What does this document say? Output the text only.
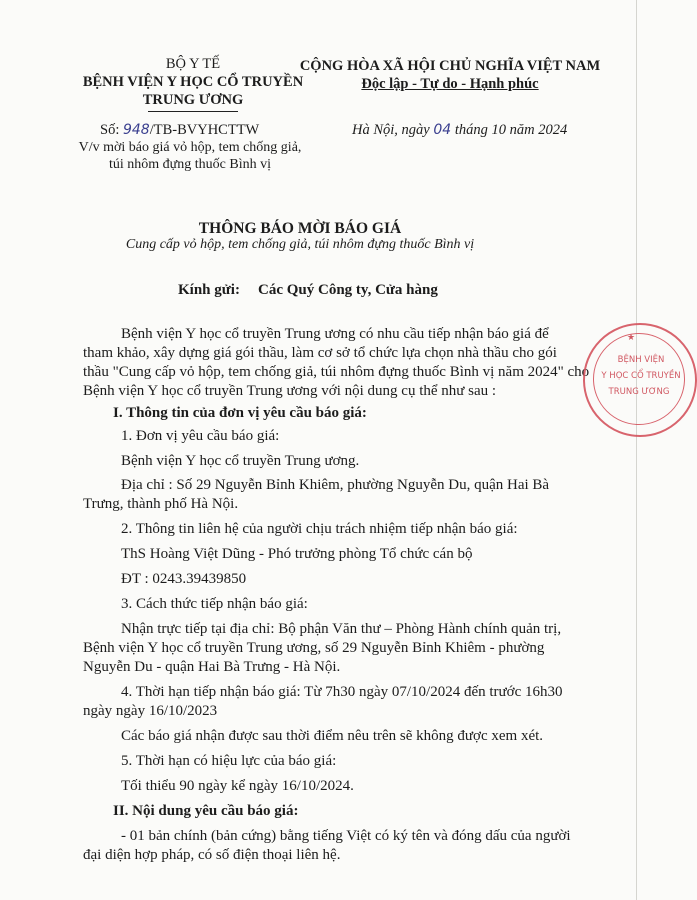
BỘ Y TẾ
BỆNH VIỆN Y HỌC CỔ TRUYỀN
TRUNG ƯƠNG
Số: 948/TB-BVYHCTTW
V/v mời báo giá vỏ hộp, tem chống giả,
túi nhôm đựng thuốc Bình vị
CỘNG HÒA XÃ HỘI CHỦ NGHĨA VIỆT NAM
Độc lập - Tự do - Hạnh phúc
Hà Nội, ngày 04 tháng 10 năm 2024
THÔNG BÁO MỜI BÁO GIÁ
Cung cấp vỏ hộp, tem chống giả, túi nhôm đựng thuốc Bình vị
Kính gửi: Các Quý Công ty, Cửa hàng
Bệnh viện Y học cổ truyền Trung ương có nhu cầu tiếp nhận báo giá để
tham khảo, xây dựng giá gói thầu, làm cơ sở tổ chức lựa chọn nhà thầu cho gói
thầu "Cung cấp vỏ hộp, tem chống giả, túi nhôm đựng thuốc Bình vị năm 2024" cho
Bệnh viện Y học cổ truyền Trung ương với nội dung cụ thể như sau :
I. Thông tin của đơn vị yêu cầu báo giá:
1. Đơn vị yêu cầu báo giá:
Bệnh viện Y học cổ truyền Trung ương.
Địa chỉ : Số 29 Nguyễn Bỉnh Khiêm, phường Nguyễn Du, quận Hai Bà
Trưng, thành phố Hà Nội.
2. Thông tin liên hệ của người chịu trách nhiệm tiếp nhận báo giá:
ThS Hoàng Việt Dũng - Phó trưởng phòng Tổ chức cán bộ
ĐT : 0243.39439850
3. Cách thức tiếp nhận báo giá:
Nhận trực tiếp tại địa chỉ: Bộ phận Văn thư – Phòng Hành chính quản trị,
Bệnh viện Y học cổ truyền Trung ương, số 29 Nguyễn Bỉnh Khiêm - phường
Nguyễn Du - quận Hai Bà Trưng - Hà Nội.
4. Thời hạn tiếp nhận báo giá: Từ 7h30 ngày 07/10/2024 đến trước 16h30
ngày ngày 16/10/2023
Các báo giá nhận được sau thời điểm nêu trên sẽ không được xem xét.
5. Thời hạn có hiệu lực của báo giá:
Tối thiểu 90 ngày kể ngày 16/10/2024.
II. Nội dung yêu cầu báo giá:
- 01 bản chính (bản cứng) bằng tiếng Việt có ký tên và đóng dấu của người
đại diện hợp pháp, có số điện thoại liên hệ.
★
BỆNH VIỆN
Y HỌC CỔ TRUYỀN
TRUNG ƯƠNG
